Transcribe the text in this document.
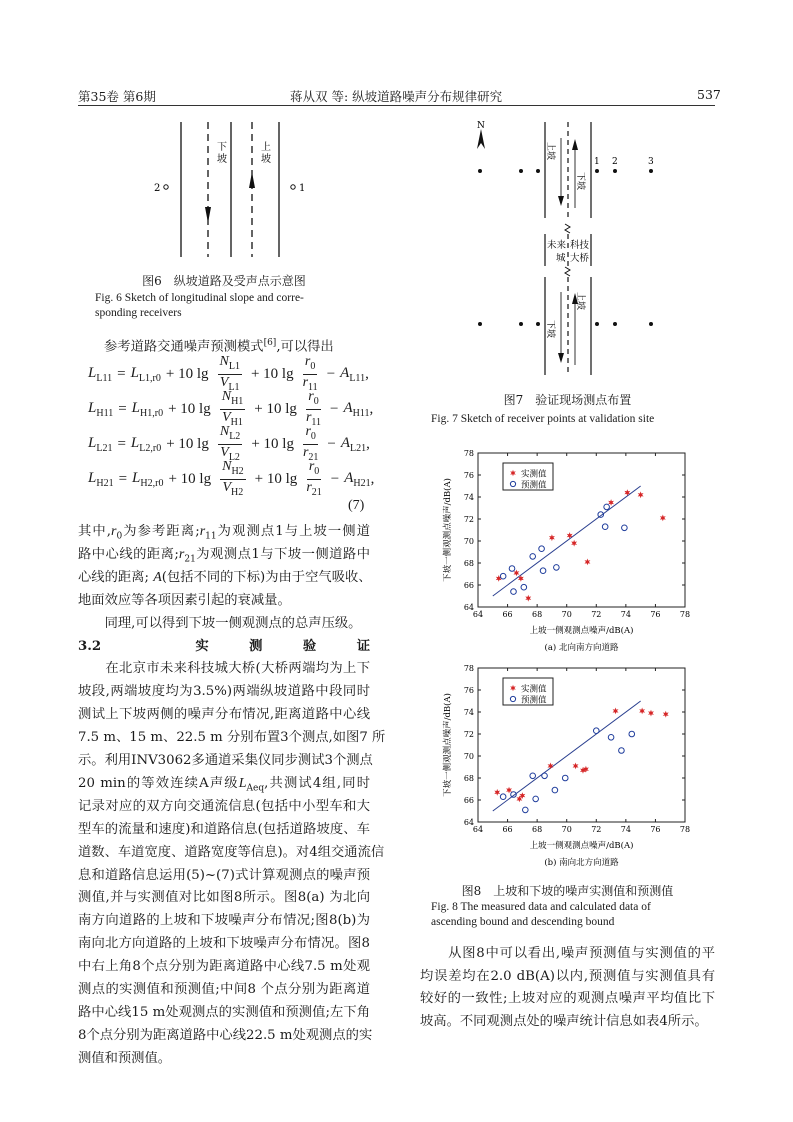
第35卷 第6期	蒋从双 等: 纵坡道路噪声分布规律研究	537
2	1
下
坡
上
坡
图6　纵坡道路及受声点示意图
Fig. 6 Sketch of longitudinal slope and corre-
sponding receivers
参考道路交通噪声预测模式[6],可以得出
$L_{L11} = L_{L1,r0} + 10$ $\lg \frac{N_{L1}}{V_{L1}} + 10$ $\lg \frac{r_0}{r_{11}} - A_{L11}$ ,
$L_{H11} = L_{H1,r0} + 10$ $\lg \frac{N_{H1}}{V_{H1}} + 10$ $\lg \frac{r_0}{r_{11}} - A_{H11}$ ,
$L_{L21} = L_{L2,r0} + 10$ $\lg \frac{N_{L2}}{V_{L2}} + 10$ $\lg \frac{r_0}{r_{21}} - A_{L21}$ ,
$L_{H21} = L_{H2,r0} + 10$ $\lg \frac{N_{H2}}{V_{H2}} + 10$ $\lg \frac{r_0}{r_{21}} - A_{H21}$ ,
(7)
其中$,r_0$为参考距离$;r_{11}$为观测点1与上坡一侧道
路中心线的距离$;r_{21}$为观测点1与下坡一侧道路中
心线的距离; A(包括不同的下标)为由于空气吸收、
地面效应等各项因素引起的衰减量。
　　同理,可以得到下坡一侧观测点的总声压级。
3.2　实测验证
　　在北京市未来科技城大桥(大桥两端均为上下
坡段,两端坡度均为3.5%)两端纵坡道路中段同时
测试上下坡两侧的噪声分布情况,距离道路中心线
7.5 m、15 m、22.5 m 分别布置3个测点,如图7 所
示。利用INV3062多通道采集仪同步测试3个测点
20 min的等效连续A声级$L_{Aeq}$,共测试4组,同时
记录对应的双方向交通流信息(包括中小型车和大
型车的流量和速度)和道路信息(包括道路坡度、车
道数、车道宽度、道路宽度等信息)。对4组交通流信
息和道路信息运用(5)~(7)式计算观测点的噪声预
测值,并与实测值对比如图8所示。图8(a) 为北向
南方向道路的上坡和下坡噪声分布情况;图8(b)为
南向北方向道路的上坡和下坡噪声分布情况。图8
中右上角8个点分别为距离道路中心线7.5 m处观
测点的实测值和预测值;中间8 个点分别为距离道
路中心线15 m处观测点的实测值和预测值;左下角
8个点分别为距离道路中心线22.5 m处观测点的实
测值和预测值。
N
1 2	3
上坡
下坡
下坡
上坡
未来
城
科技
大桥
图7　验证现场测点布置
Fig. 7 Sketch of receiver points at validation site
64 66 68 70 72 74 76 78
64
66
68
70
72
74
76
78
实测值
预测值
上坡一侧观测点噪声/dB(A)
(a) 北向南方向道路
下坡一侧观测点噪声/dB(A)
64 66 68 70 72 74 76 78
64
66
68
70
72
74
76
78
实测值
预测值
上坡一侧观测点噪声/dB(A)
(b) 南向北方向道路
下坡一侧观测点噪声/dB(A)
图8　上坡和下坡的噪声实测值和预测值
Fig. 8 The measured data and calculated data of
ascending bound and descending bound
　　从图8中可以看出,噪声预测值与实测值的平
均误差均在2.0 dB(A)以内,预测值与实测值具有
较好的一致性;上坡对应的观测点噪声平均值比下
坡高。不同观测点处的噪声统计信息如表4所示。
